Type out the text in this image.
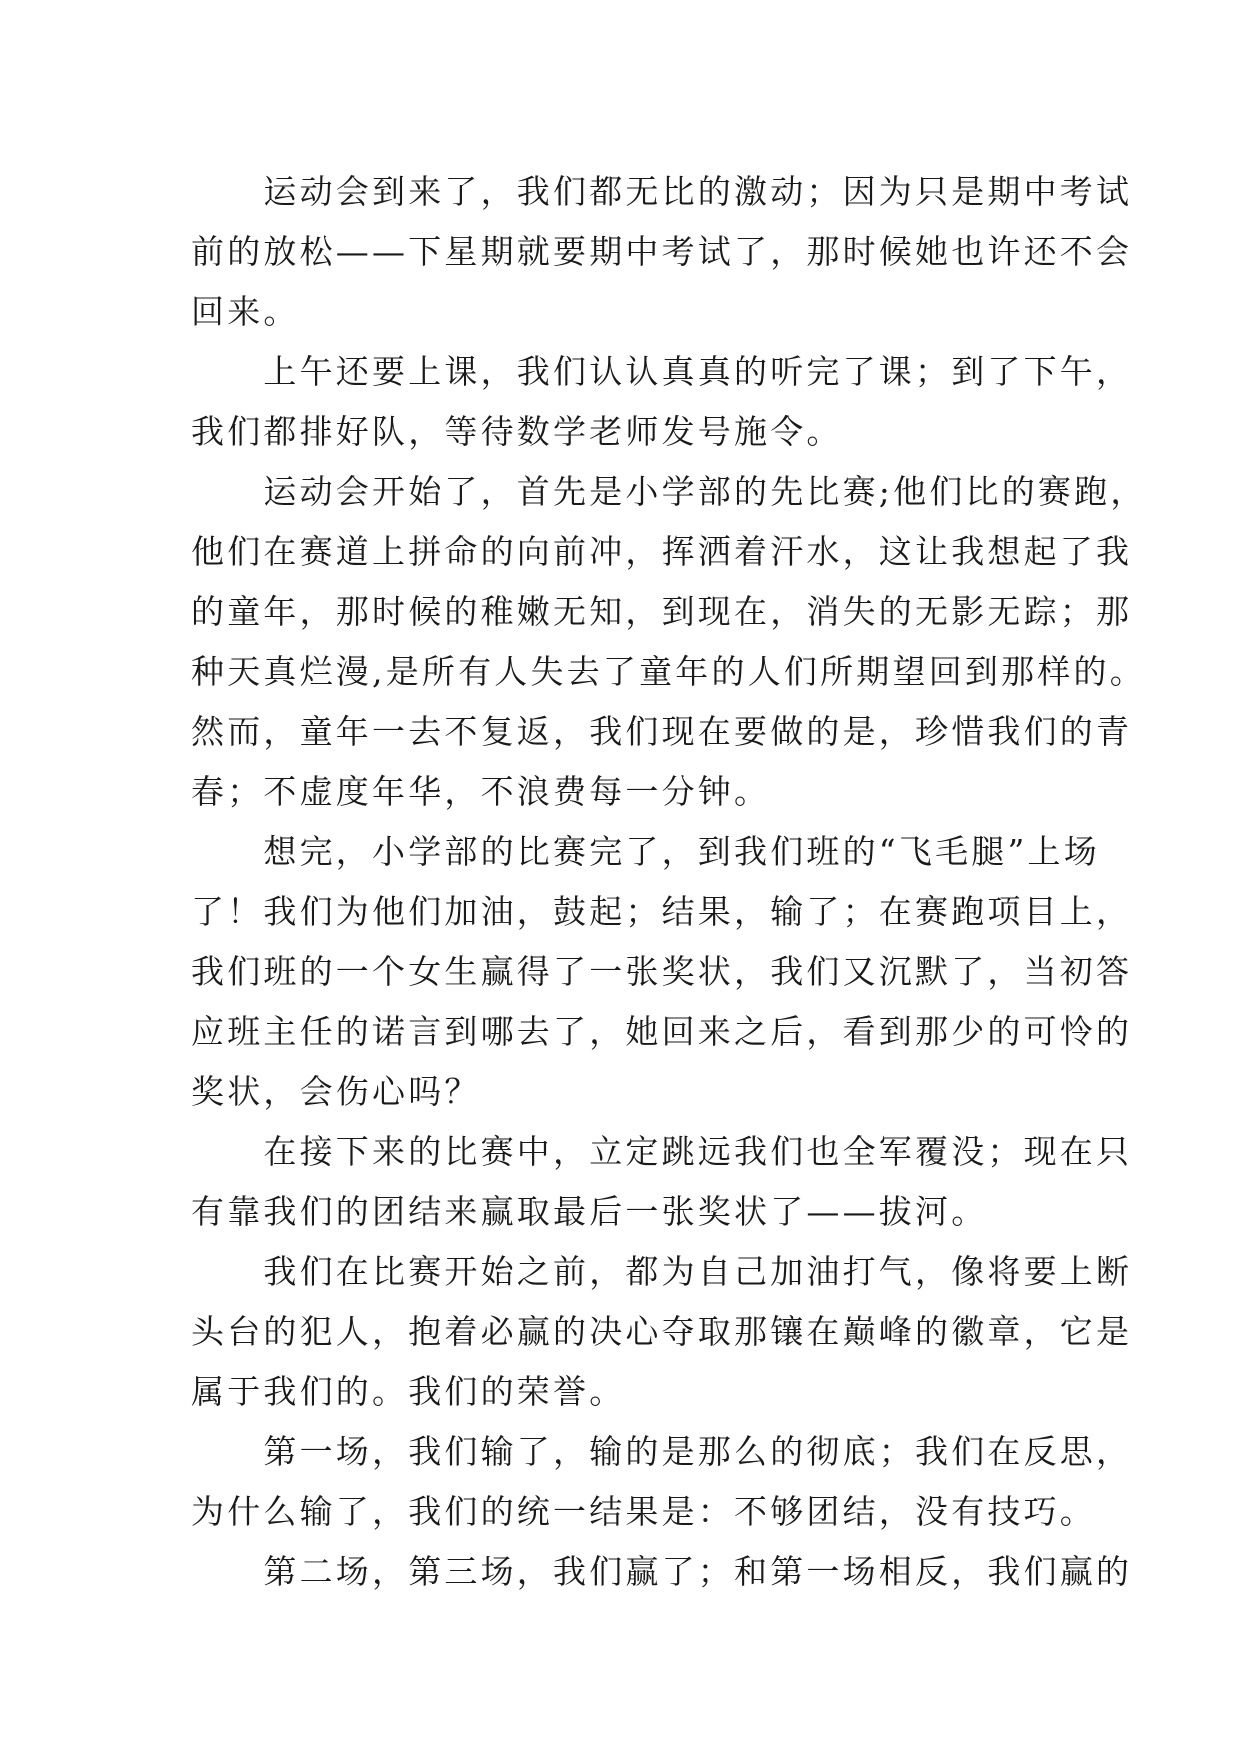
　　运动会到来了，我们都无比的激动；因为只是期中考试
前的放松——下星期就要期中考试了，那时候她也许还不会
回来。
　　上午还要上课，我们认认真真的听完了课；到了下午，
我们都排好队，等待数学老师发号施令。
　　运动会开始了，首先是小学部的先比赛;他们比的赛跑，
他们在赛道上拼命的向前冲，挥洒着汗水，这让我想起了我
的童年，那时候的稚嫩无知，到现在，消失的无影无踪；那
种天真烂漫,是所有人失去了童年的人们所期望回到那样的。
然而，童年一去不复返，我们现在要做的是，珍惜我们的青
春；不虚度年华，不浪费每一分钟。
　　想完，小学部的比赛完了，到我们班的“飞毛腿”上场
了！我们为他们加油，鼓起；结果，输了；在赛跑项目上，
我们班的一个女生赢得了一张奖状，我们又沉默了，当初答
应班主任的诺言到哪去了，她回来之后，看到那少的可怜的
奖状，会伤心吗？
　　在接下来的比赛中，立定跳远我们也全军覆没；现在只
有靠我们的团结来赢取最后一张奖状了——拔河。
　　我们在比赛开始之前，都为自己加油打气，像将要上断
头台的犯人，抱着必赢的决心夺取那镶在巅峰的徽章，它是
属于我们的。我们的荣誉。
　　第一场，我们输了，输的是那么的彻底；我们在反思，
为什么输了，我们的统一结果是：不够团结，没有技巧。
　　第二场，第三场，我们赢了；和第一场相反，我们赢的
